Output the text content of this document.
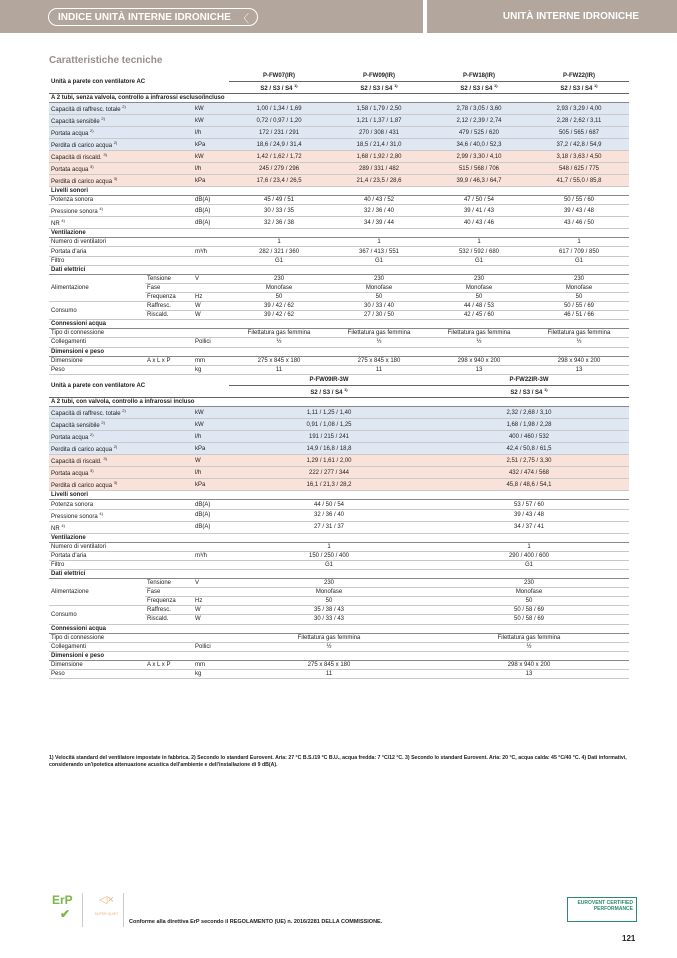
INDICE UNITÀ INTERNE IDRONICHE 〈	UNITÀ INTERNE IDRONICHE
Caratteristiche tecniche
Unità a parete con ventilatore AC			P-FW07(IR)	P-FW09(IR)	P-FW18(IR)	P-FW22(IR)
			S2 / S3 / S4 $^{1)}$	S2 / S3 / S4 $^{1)}$	S2 / S3 / S4 $^{1)}$	S2 / S3 / S4 $^{1)}$
A 2 tubi, senza valvola, controllo a infrarossi escluso/incluso						
Capacità di raffresc. totale $^{2)}$		kW	1,00 / 1,34 / 1,69	1,58 / 1,79 / 2,50	2,78 / 3,05 / 3,60	2,93 / 3,29 / 4,00
Capacità sensibile $^{2)}$		kW	0,72 / 0,97 / 1,20	1,21 / 1,37 / 1,87	2,12 / 2,39 / 2,74	2,28 / 2,62 / 3,11
Portata acqua $^{2)}$		l/h	172 / 231 / 291	270 / 308 / 431	479 / 525 / 620	505 / 565 / 687
Perdita di carico acqua $^{2)}$		kPa	18,6 / 24,9 / 31,4	18,5 / 21,4 / 31,0	34,6 / 40,0 / 52,3	37,2 / 42,8 / 54,9
Capacità di riscald. $^{3)}$		kW	1,42 / 1,62 / 1,72	1,68 / 1,92 / 2,80	2,99 / 3,30 / 4,10	3,18 / 3,63 / 4,50
Portata acqua $^{3)}$		l/h	245 / 279 / 296	289 / 331 / 482	515 / 568 / 706	548 / 625 / 775
Perdita di carico acqua $^{3)}$		kPa	17,6 / 23,4 / 26,5	21,4 / 23,5 / 28,6	39,9 / 46,3 / 64,7	41,7 / 55,0 / 85,8
Livelli sonori						
Potenza sonora		dB(A)	45 / 49 / 51	40 / 43 / 52	47 / 50 / 54	50 / 55 / 60
Pressione sonora $^{4)}$		dB(A)	30 / 33 / 35	32 / 36 / 40	39 / 41 / 43	39 / 43 / 48
NR $^{4)}$		dB(A)	32 / 36 / 38	34 / 39 / 44	40 / 43 / 46	43 / 46 / 50
Ventilazione						
Numero di ventilatori			1	1	1	1
Portata d'aria		m³/h	282 / 321 / 360	367 / 413 / 551	532 / 592 / 680	617 / 709 / 850
Filtro			G1	G1	G1	G1
Dati elettrici						
Alimentazione	Tensione	V	230	230	230	230
	Fase		Monofase	Monofase	Monofase	Monofase
	Frequenza	Hz	50	50	50	50
Consumo	Raffresc.	W	39 / 42 / 62	30 / 33 / 40	44 / 48 / 53	50 / 55 / 69
	Riscald.	W	39 / 42 / 62	27 / 30 / 50	42 / 45 / 60	46 / 51 / 66
Connessioni acqua						
Tipo di connessione			Filettatura gas femmina	Filettatura gas femmina	Filettatura gas femmina	Filettatura gas femmina
Collegamenti		Pollici	½	½	½	½
Dimensioni e peso						
Dimensione	A x L x P	mm	275 x 845 x 180	275 x 845 x 180	298 x 940 x 200	298 x 940 x 200
Peso		kg	11	11	13	13
Unità a parete con ventilatore AC			P-FW09IR-3W		P-FW22IR-3W	
			S2 / S3 / S4 $^{1)}$		S2 / S3 / S4 $^{1)}$
A 2 tubi, con valvola, controllo a infrarossi incluso						
Capacità di raffresc. totale $^{2)}$		kW	1,11 / 1,25 / 1,40		2,32 / 2,68 / 3,10	
Capacità sensibile $^{2)}$		kW	0,91 / 1,08 / 1,25		1,68 / 1,98 / 2,28	
Portata acqua $^{2)}$		l/h	191 / 215 / 241		400 / 460 / 532	
Perdita di carico acqua $^{2)}$		kPa	14,9 / 16,8 / 18,8		42,4 / 50,8 / 61,5	
Capacità di riscald. $^{3)}$		W	1,29 / 1,61 / 2,00		2,51 / 2,75 / 3,30	
Portata acqua $^{3)}$		l/h	222 / 277 / 344		432 / 474 / 568	
Perdita di carico acqua $^{3)}$		kPa	16,1 / 21,3 / 28,2		45,8 / 48,6 / 54,1	
Livelli sonori						
Potenza sonora		dB(A)	44 / 50 / 54		53 / 57 / 60	
Pressione sonora $^{4)}$		dB(A)	32 / 36 / 40		39 / 43 / 48	
NR $^{4)}$		dB(A)	27 / 31 / 37		34 / 37 / 41	
Ventilazione						
Numero di ventilatori			1		1	
Portata d'aria		m³/h	150 / 250 / 400		290 / 400 / 600	
Filtro			G1		G1	
Dati elettrici						
Alimentazione	Tensione	V	230		230	
	Fase		Monofase		Monofase	
	Frequenza	Hz	50		50	
Consumo	Raffresc.	W	35 / 38 / 43		50 / 58 / 69	
	Riscald.	W	30 / 33 / 43		50 / 58 / 69	
Connessioni acqua						
Tipo di connessione			Filettatura gas femmina		Filettatura gas femmina	
Collegamenti		Pollici	½		½	
Dimensioni e peso						
Dimensione	A x L x P	mm	275 x 845 x 180		298 x 940 x 200	
Peso		kg	11		13	
1) Velocità standard del ventilatore impostate in fabbrica. 2) Secondo lo standard Eurovent. Aria: 27 °C B.S./19 °C B.U., acqua fredda: 7 °C/12 °C. 3) Secondo lo standard Eurovent. Aria: 20 °C, acqua calda: 45 °C/40 °C. 4) Dati informativi, considerando un'ipotetica attenuazione acustica dell'ambiente e dell'installazione di 9 dB(A).
ErP
✔
◁×
SUPER QUIET
Conforme alla direttiva ErP secondo il REGOLAMENTO (UE) n. 2016/2281 DELLA COMMISSIONE.
EUROVENT CERTIFIED PERFORMANCE
121
